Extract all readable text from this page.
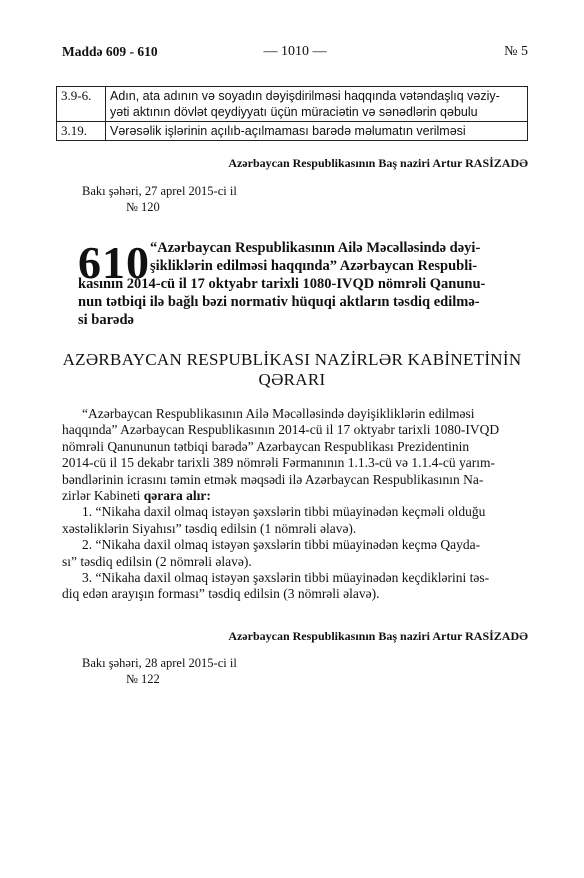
Maddə 609 - 610	— 1010 —	№ 5
3.9-6.	Adın, ata adının və soyadın dəyişdirilməsi haqqında vətəndaşlıq vəziy-
yəti aktının dövlət qeydiyyatı üçün müraciətin və sənədlərin qəbulu

3.19.	Vərəsəlik işlərinin açılıb-açılmaması barədə məlumatın verilməsi
Azərbaycan Respublikasının Baş naziri Artur RASİZADƏ
Bakı şəhəri, 27 aprel 2015-ci il
№ 120
610 “Azərbaycan Respublikasının Ailə Məcəlləsində dəyi-
şikliklərin edilməsi haqqında” Azərbaycan Respubli-
kasının 2014-cü il 17 oktyabr tarixli 1080-IVQD nömrəli Qanunu-
nun tətbiqi ilə bağlı bəzi normativ hüquqi aktların təsdiq edilmə-
si barədə
AZƏRBAYCAN RESPUBLİKASI NAZİRLƏR KABİNETİNİN
QƏRARI
“Azərbaycan Respublikasının Ailə Məcəlləsində dəyişikliklərin edilməsi
haqqında” Azərbaycan Respublikasının 2014-cü il 17 oktyabr tarixli 1080-IVQD
nömrəli Qanununun tətbiqi barədə” Azərbaycan Respublikası Prezidentinin
2014-cü il 15 dekabr tarixli 389 nömrəli Fərmanının 1.1.3-cü və 1.1.4-cü yarım-
bəndlərinin icrasını təmin etmək məqsədi ilə Azərbaycan Respublikasının Na-
zirlər Kabineti qərara alır:
1. “Nikaha daxil olmaq istəyən şəxslərin tibbi müayinədən keçməli olduğu
xəstəliklərin Siyahısı” təsdiq edilsin (1 nömrəli əlavə).
2. “Nikaha daxil olmaq istəyən şəxslərin tibbi müayinədən keçmə Qayda-
sı” təsdiq edilsin (2 nömrəli əlavə).
3. “Nikaha daxil olmaq istəyən şəxslərin tibbi müayinədən keçdiklərini təs-
diq edən arayışın forması” təsdiq edilsin (3 nömrəli əlavə).
Azərbaycan Respublikasının Baş naziri Artur RASİZADƏ
Bakı şəhəri, 28 aprel 2015-ci il
№ 122
